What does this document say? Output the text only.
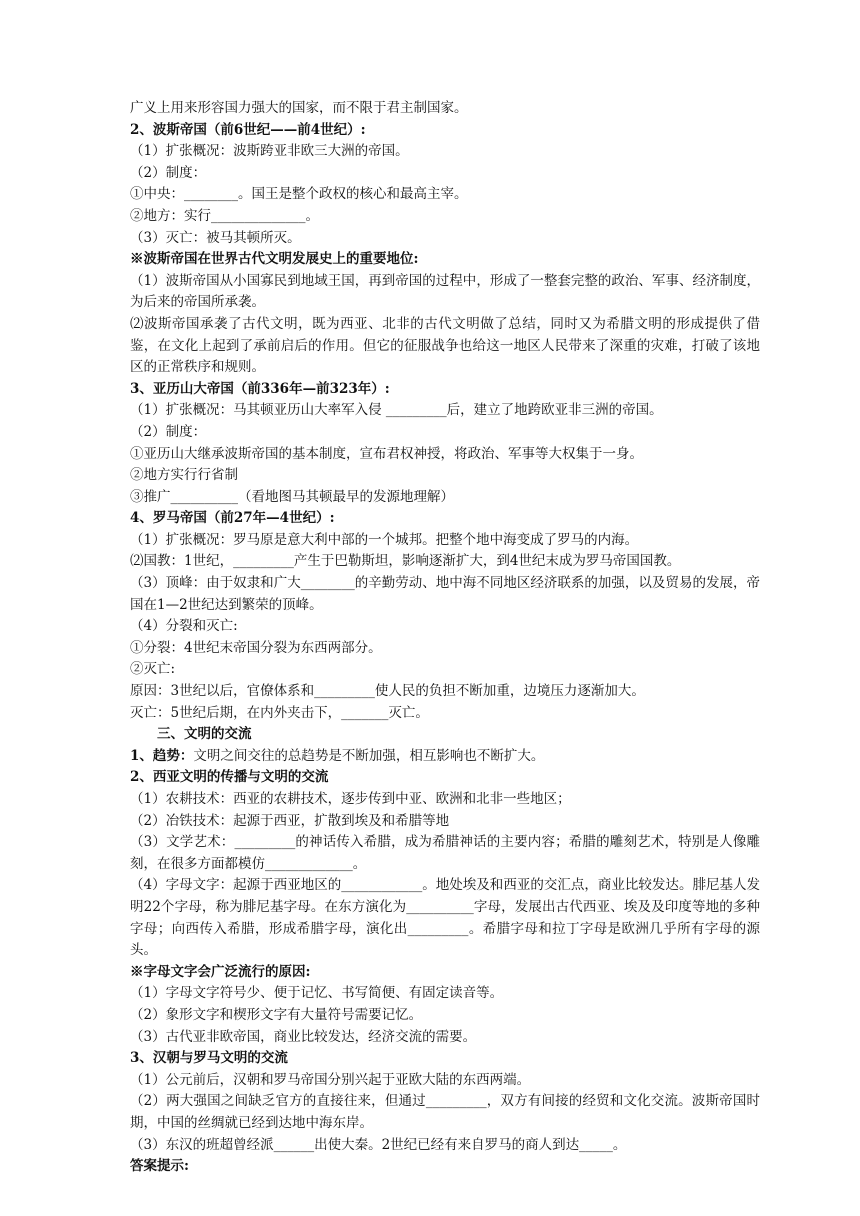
广义上用来形容国力强大的国家，而不限于君主制国家。
2、波斯帝国（前6世纪——前4世纪）:
（1）扩张概况：波斯跨亚非欧三大洲的帝国。
（2）制度：
①中央：________。国王是整个政权的核心和最高主宰。
②地方：实行______________。
（3）灭亡：被马其顿所灭。
※波斯帝国在世界古代文明发展史上的重要地位:
（1）波斯帝国从小国寡民到地域王国，再到帝国的过程中，形成了一整套完整的政治、军事、经济制度，为后来的帝国所承袭。
⑵波斯帝国承袭了古代文明，既为西亚、北非的古代文明做了总结，同时又为希腊文明的形成提供了借鉴，在文化上起到了承前启后的作用。但它的征服战争也给这一地区人民带来了深重的灾难，打破了该地区的正常秩序和规则。
3、亚历山大帝国（前336年—前323年）:
（1）扩张概况：马其顿亚历山大率军入侵 _________后，建立了地跨欧亚非三洲的帝国。
（2）制度：
①亚历山大继承波斯帝国的基本制度，宣布君权神授，将政治、军事等大权集于一身。
②地方实行行省制
③推广__________（看地图马其顿最早的发源地理解）
4、罗马帝国（前27年—4世纪）:
（1）扩张概况：罗马原是意大利中部的一个城邦。把整个地中海变成了罗马的内海。
⑵国教：1世纪，_________产生于巴勒斯坦，影响逐渐扩大，到4世纪末成为罗马帝国国教。
（3）顶峰：由于奴隶和广大________的辛勤劳动、地中海不同地区经济联系的加强，以及贸易的发展，帝国在1—2世纪达到繁荣的顶峰。
（4）分裂和灭亡:
①分裂：4世纪末帝国分裂为东西两部分。
②灭亡:
原因：3世纪以后，官僚体系和_________使人民的负担不断加重，边境压力逐渐加大。
灭亡：5世纪后期，在内外夹击下，_______灭亡。
三、文明的交流
1、趋势：文明之间交往的总趋势是不断加强，相互影响也不断扩大。
2、西亚文明的传播与文明的交流
（1）农耕技术：西亚的农耕技术，逐步传到中亚、欧洲和北非一些地区；
（2）冶铁技术：起源于西亚，扩散到埃及和希腊等地
（3）文学艺术：_________的神话传入希腊，成为希腊神话的主要内容；希腊的雕刻艺术，特别是人像雕刻，在很多方面都模仿_____________。
（4）字母文字：起源于西亚地区的____________。地处埃及和西亚的交汇点，商业比较发达。腓尼基人发明22个字母，称为腓尼基字母。在东方演化为__________字母，发展出古代西亚、埃及及印度等地的多种字母；向西传入希腊，形成希腊字母，演化出_________。希腊字母和拉丁字母是欧洲几乎所有字母的源头。
※字母文字会广泛流行的原因:
（1）字母文字符号少、便于记忆、书写简便、有固定读音等。
（2）象形文字和楔形文字有大量符号需要记忆。
（3）古代亚非欧帝国，商业比较发达，经济交流的需要。
3、汉朝与罗马文明的交流
（1）公元前后，汉朝和罗马帝国分别兴起于亚欧大陆的东西两端。
（2）两大强国之间缺乏官方的直接往来，但通过_________，双方有间接的经贸和文化交流。波斯帝国时期，中国的丝绸就已经到达地中海东岸。
（3）东汉的班超曾经派______出使大秦。2世纪已经有来自罗马的商人到达_____。
答案提示:
